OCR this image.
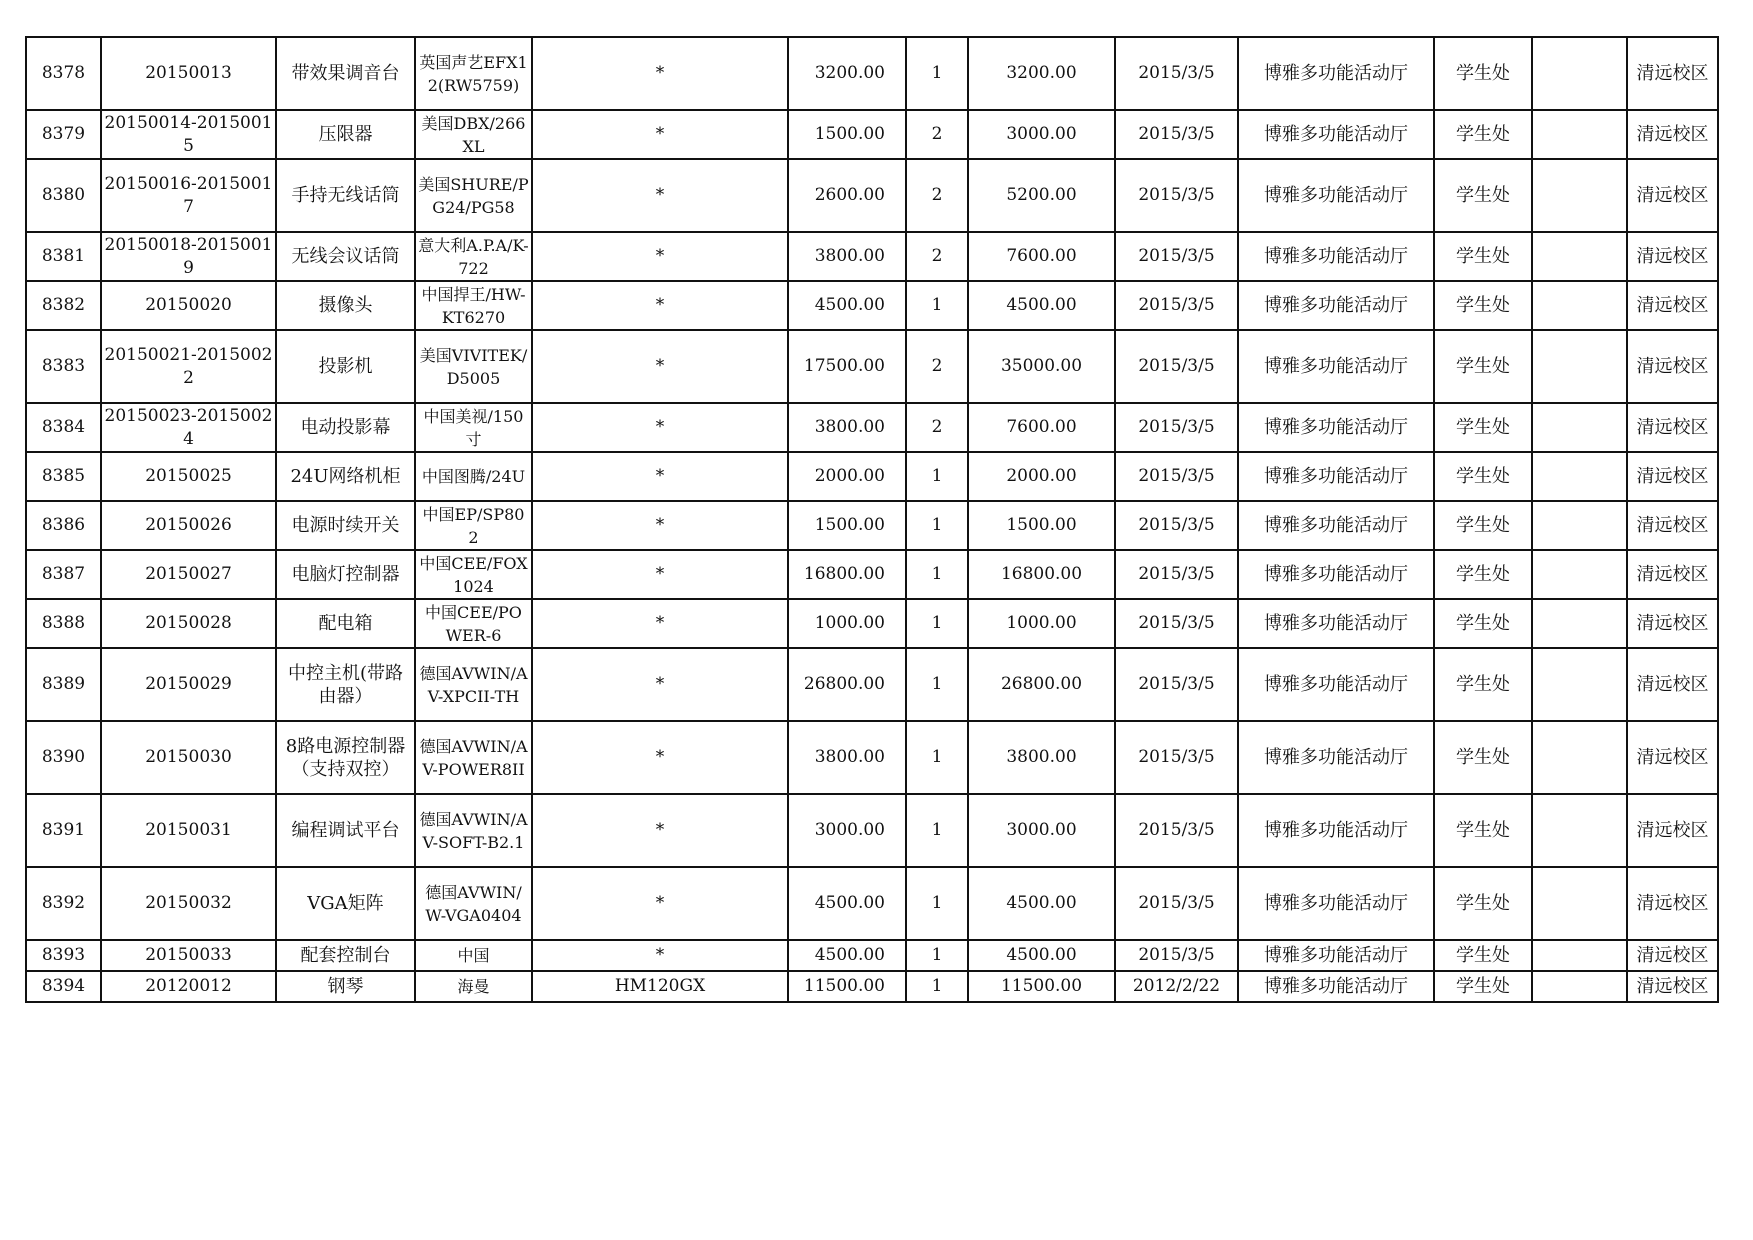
8378	20150013	带效果调音台	英国声艺EFX12(RW5759)	*	3200.00	1	3200.00	2015/3/5	博雅多功能活动厅	学生处		清远校区
8379	20150014-20150015	压限器	美国DBX/266XL	*	1500.00	2	3000.00	2015/3/5	博雅多功能活动厅	学生处		清远校区
8380	20150016-20150017	手持无线话筒	美国SHURE/PG24/PG58	*	2600.00	2	5200.00	2015/3/5	博雅多功能活动厅	学生处		清远校区
8381	20150018-20150019	无线会议话筒	意大利A.P.A/K-722	*	3800.00	2	7600.00	2015/3/5	博雅多功能活动厅	学生处		清远校区
8382	20150020	摄像头	中国捍王/HW-KT6270	*	4500.00	1	4500.00	2015/3/5	博雅多功能活动厅	学生处		清远校区
8383	20150021-20150022	投影机	美国VIVITEK/D5005	*	17500.00	2	35000.00	2015/3/5	博雅多功能活动厅	学生处		清远校区
8384	20150023-20150024	电动投影幕	中国美视/150寸	*	3800.00	2	7600.00	2015/3/5	博雅多功能活动厅	学生处		清远校区
8385	20150025	24U网络机柜	中国图腾/24U	*	2000.00	1	2000.00	2015/3/5	博雅多功能活动厅	学生处		清远校区
8386	20150026	电源时续开关	中国EP/SP802	*	1500.00	1	1500.00	2015/3/5	博雅多功能活动厅	学生处		清远校区
8387	20150027	电脑灯控制器	中国CEE/FOX1024	*	16800.00	1	16800.00	2015/3/5	博雅多功能活动厅	学生处		清远校区
8388	20150028	配电箱	中国CEE/POWER-6	*	1000.00	1	1000.00	2015/3/5	博雅多功能活动厅	学生处		清远校区
8389	20150029	中控主机(带路由器）	德国AVWIN/AV-XPCII-TH	*	26800.00	1	26800.00	2015/3/5	博雅多功能活动厅	学生处		清远校区
8390	20150030	8路电源控制器（支持双控）	德国AVWIN/AV-POWER8II	*	3800.00	1	3800.00	2015/3/5	博雅多功能活动厅	学生处		清远校区
8391	20150031	编程调试平台	德国AVWIN/AV-SOFT-B2.1	*	3000.00	1	3000.00	2015/3/5	博雅多功能活动厅	学生处		清远校区
8392	20150032	VGA矩阵	德国AVWIN/W-VGA0404	*	4500.00	1	4500.00	2015/3/5	博雅多功能活动厅	学生处		清远校区
8393	20150033	配套控制台	中国	*	4500.00	1	4500.00	2015/3/5	博雅多功能活动厅	学生处		清远校区
8394	20120012	钢琴	海曼	HM120GX	11500.00	1	11500.00	2012/2/22	博雅多功能活动厅	学生处		清远校区
